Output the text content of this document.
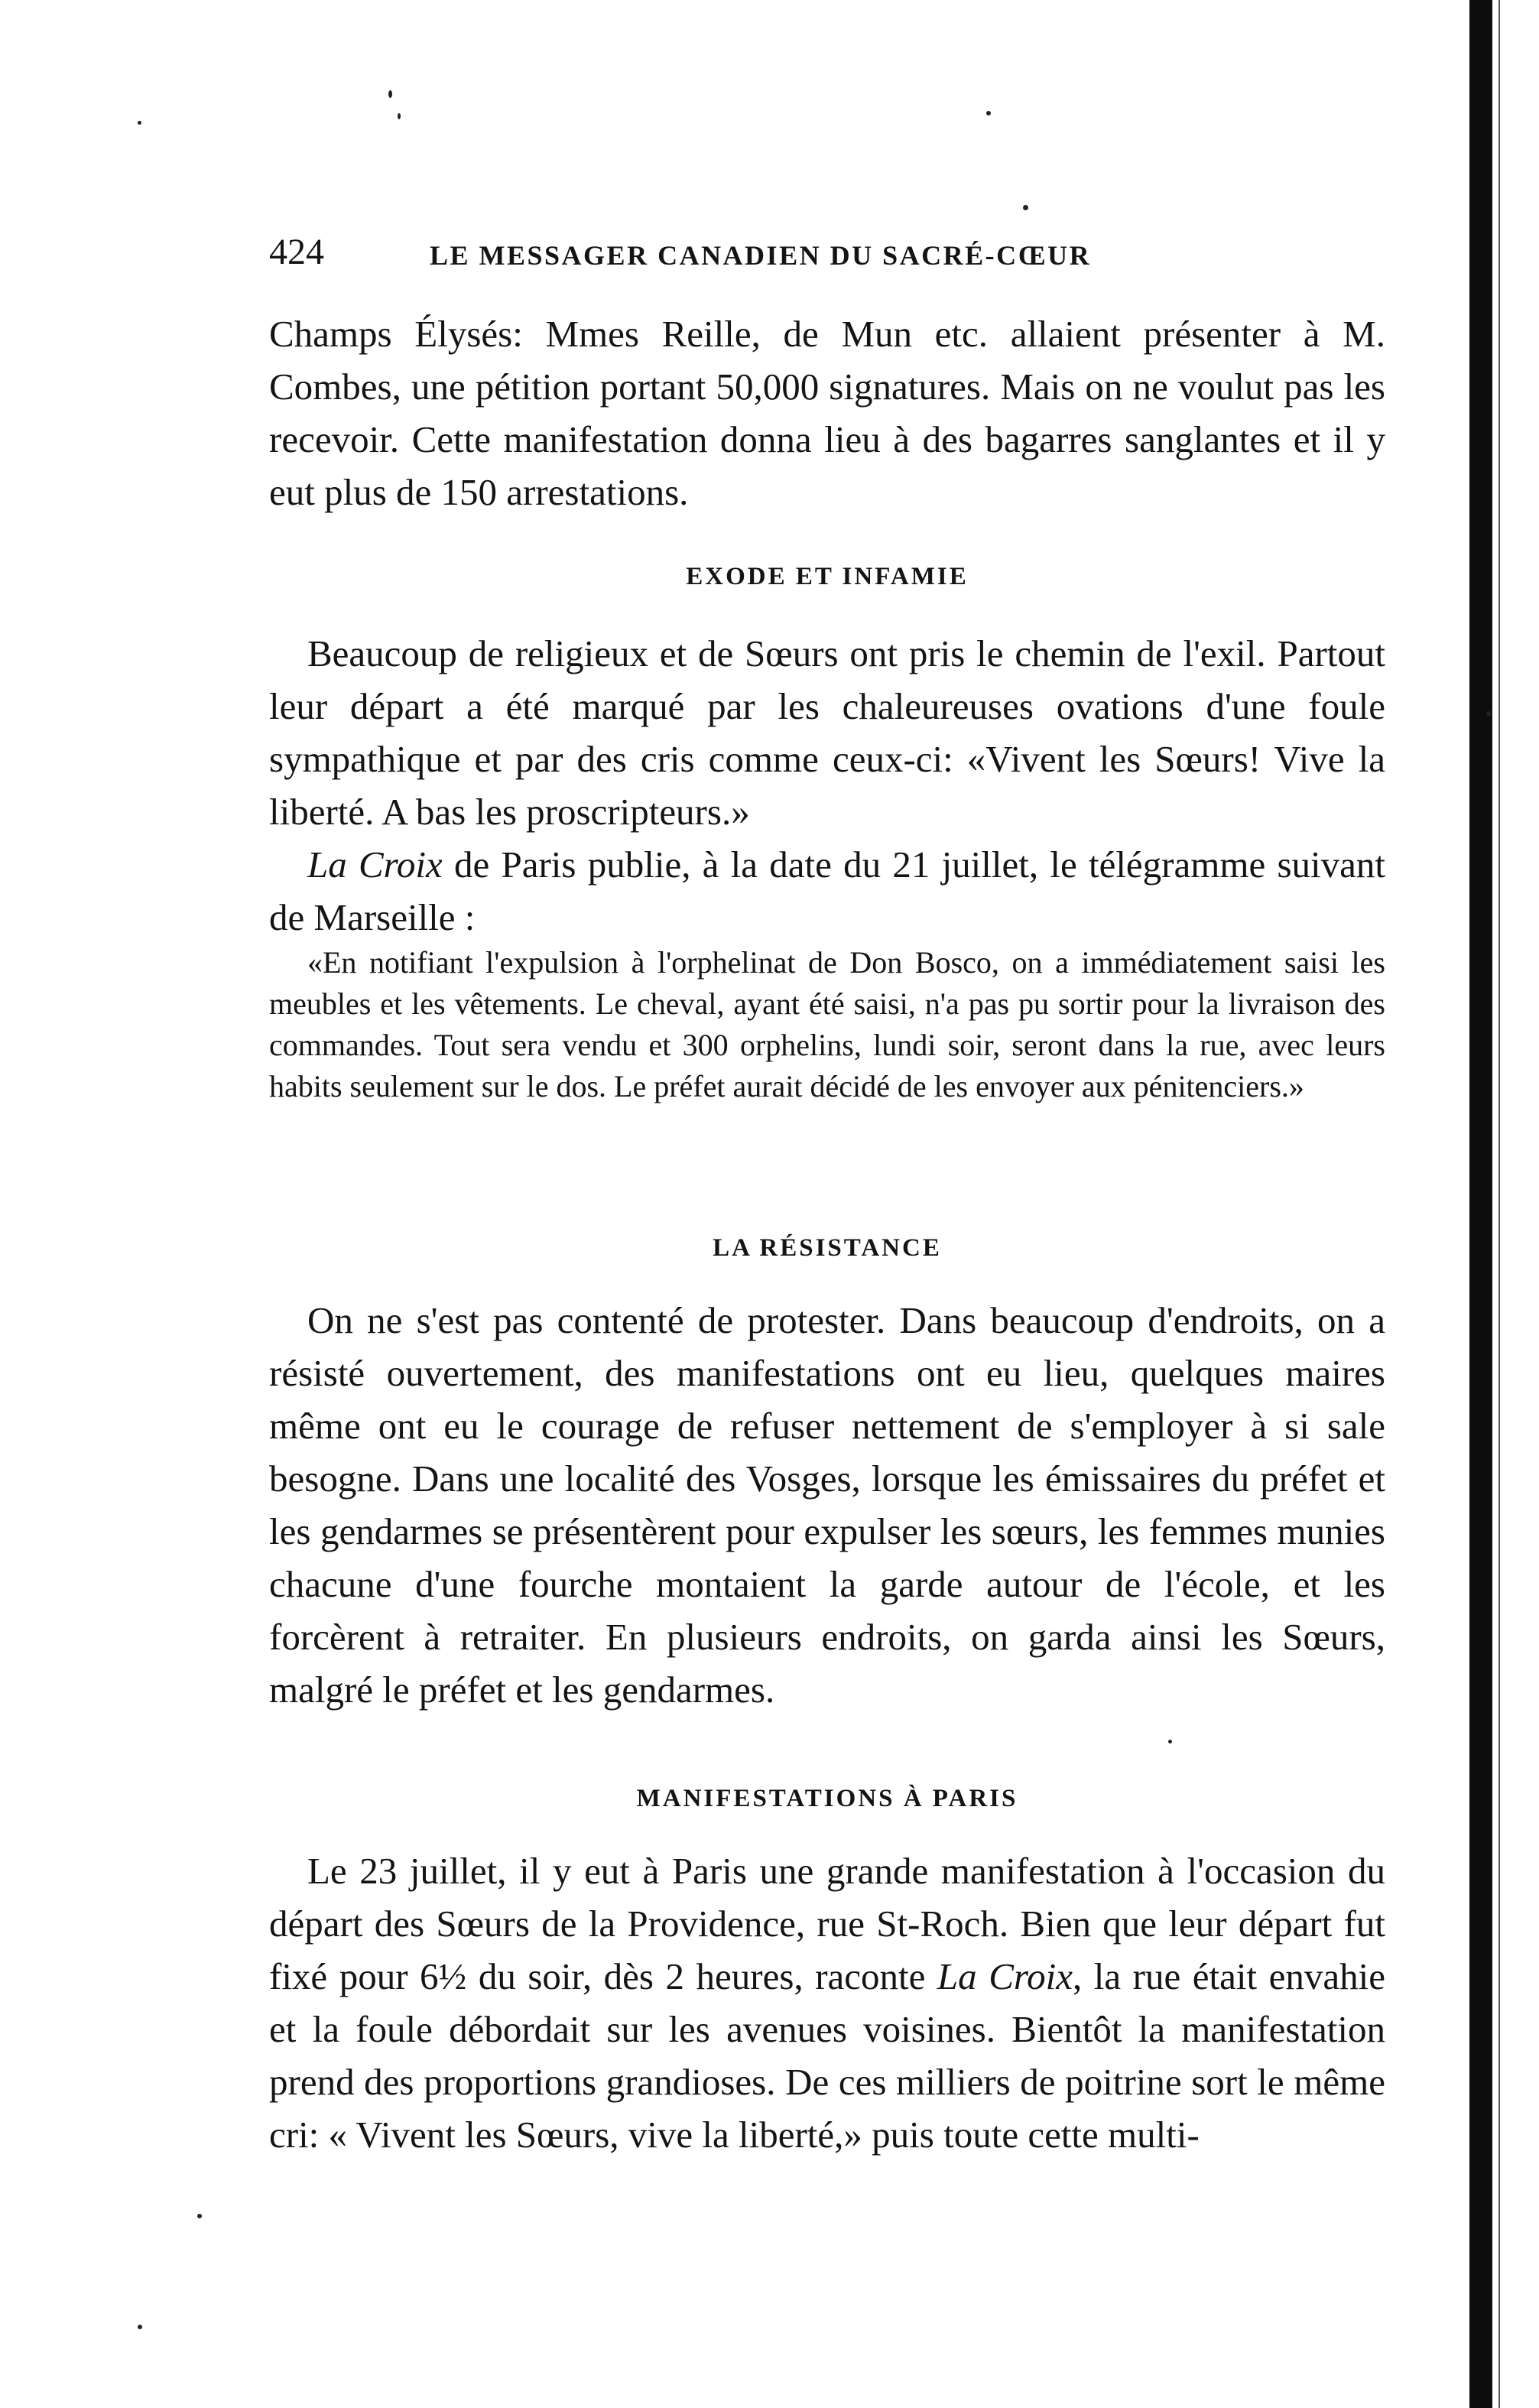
424	LE MESSAGER CANADIEN DU SACRÉ-CŒUR

Champs Élysés: Mmes Reille, de Mun etc. allaient présenter à M. Combes, une pétition portant 50,000 signatures. Mais on ne voulut pas les recevoir. Cette manifestation donna lieu à des bagarres sanglantes et il y eut plus de 150 arrestations.

EXODE ET INFAMIE

Beaucoup de religieux et de Sœurs ont pris le chemin de l'exil. Partout leur départ a été marqué par les chaleureuses ovations d'une foule sympathique et par des cris comme ceux-ci: «Vivent les Sœurs! Vive la liberté. A bas les proscripteurs.»

La Croix de Paris publie, à la date du 21 juillet, le télégramme suivant de Marseille :

«En notifiant l'expulsion à l'orphelinat de Don Bosco, on a immédiatement saisi les meubles et les vêtements. Le cheval, ayant été saisi, n'a pas pu sortir pour la livraison des commandes. Tout sera vendu et 300 orphelins, lundi soir, seront dans la rue, avec leurs habits seulement sur le dos. Le préfet aurait décidé de les envoyer aux pénitenciers.»

LA RÉSISTANCE

On ne s'est pas contenté de protester. Dans beaucoup d'endroits, on a résisté ouvertement, des manifestations ont eu lieu, quelques maires même ont eu le courage de refuser nettement de s'employer à si sale besogne. Dans une localité des Vosges, lorsque les émissaires du préfet et les gendarmes se présentèrent pour expulser les sœurs, les femmes munies chacune d'une fourche montaient la garde autour de l'école, et les forcèrent à retraiter. En plusieurs endroits, on garda ainsi les Sœurs, malgré le préfet et les gendarmes.

MANIFESTATIONS À PARIS

Le 23 juillet, il y eut à Paris une grande manifestation à l'occasion du départ des Sœurs de la Providence, rue St-Roch. Bien que leur départ fut fixé pour 6½ du soir, dès 2 heures, raconte La Croix, la rue était envahie et la foule débordait sur les avenues voisines. Bientôt la manifestation prend des proportions grandioses. De ces milliers de poitrine sort le même cri: « Vivent les Sœurs, vive la liberté,» puis toute cette multi-
